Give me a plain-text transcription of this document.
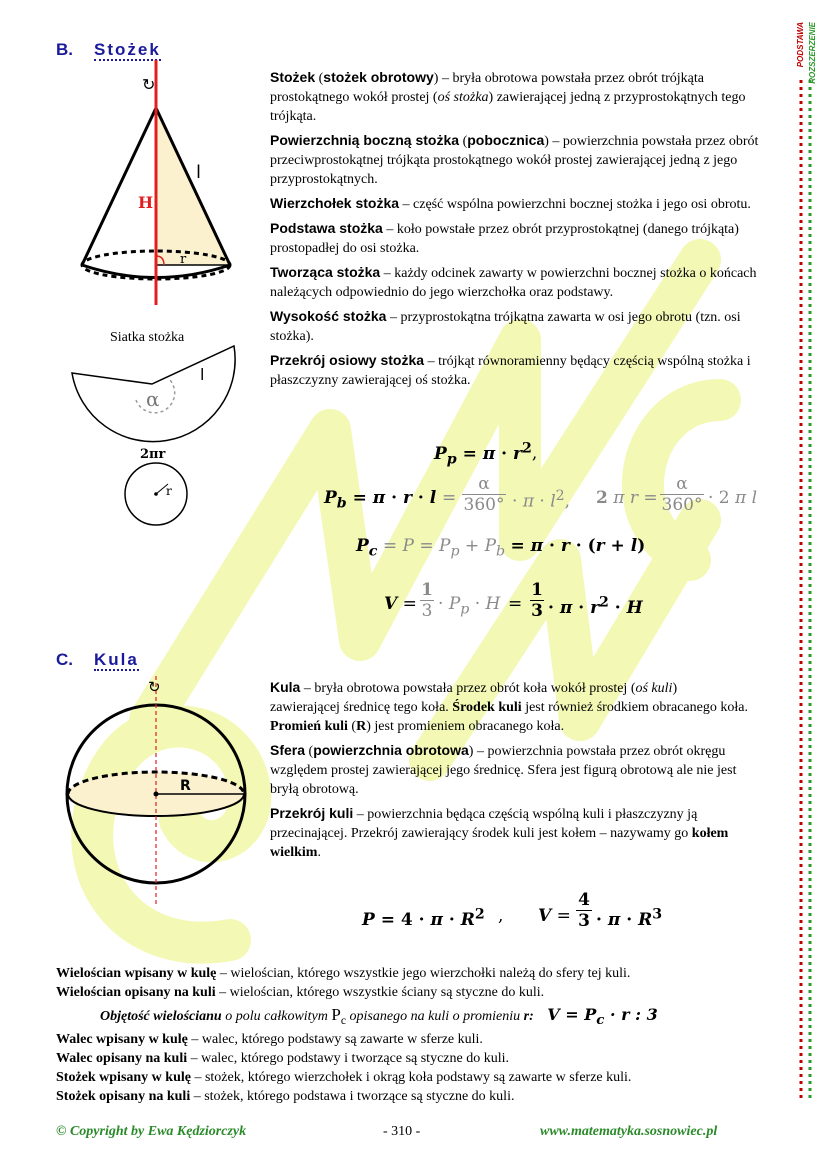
PODSTAWA ROZSZERZENIE
B. Stożek
↻
H
l
r
Siatka stożka
α
l
2πr
r

Stożek (stożek obrotowy) – bryła obrotowa powstała przez obrót trójkąta prostokątnego wokół prostej (oś stożka) zawierającej jedną z przyprostokątnych tego trójkąta.

Powierzchnią boczną stożka (pobocznica) – powierzchnia powstała przez obrót przeciwprostokątnej trójkąta prostokątnego wokół prostej zawierającej jedną z jego przyprostokątnych.

Wierzchołek stożka – część wspólna powierzchni bocznej stożka i jego osi obrotu.

Podstawa stożka – koło powstałe przez obrót przyprostokątnej (danego trójkąta) prostopadłej do osi stożka.

Tworząca stożka – każdy odcinek zawarty w powierzchni bocznej stożka o końcach należących odpowiednio do jego wierzchołka oraz podstawy.

Wysokość stożka – przyprostokątna trójkątna zawarta w osi jego obrotu (tzn. osi stożka).

Przekrój osiowy stożka – trójkąt równoramienny będący częścią wspólną stożka i płaszczyzny zawierającej oś stożka.

$P_p = \pi \cdot r^2$,
$P_b = \pi \cdot r \cdot l$ =
α
$360^\circ \cdot \pi \cdot l^2$, 2 π r =
α
360° · 2 π l
$P_c = P = P_p + P_b = \pi \cdot r \cdot (r + l)$
V =
1
$3 \cdot P_p \cdot H$ =
1
$3 \cdot \pi \cdot r^2 \cdot H$
C. Kula
↻
R

Kula – bryła obrotowa powstała przez obrót koła wokół prostej (oś kuli) zawierającej średnicę tego koła. Środek kuli jest również środkiem obracanego koła. Promień kuli (R) jest promieniem obracanego koła.

Sfera (powierzchnia obrotowa) – powierzchnia powstała przez obrót okręgu względem prostej zawierającej jego średnicę. Sfera jest figurą obrotową ale nie jest bryłą obrotową.

Przekrój kuli – powierzchnia będąca częścią wspólną kuli i płaszczyzny ją przecinającej. Przekrój zawierający środek kuli jest kołem – nazywamy go kołem wielkim.

$P = 4 \cdot \pi \cdot R^2$ , V =
4
$3 \cdot \pi \cdot R^3$
Wielościan wpisany w kulę – wielościan, którego wszystkie jego wierzchołki należą do sfery tej kuli.
Wielościan opisany na kuli – wielościan, którego wszystkie ściany są styczne do kuli.
Objętość wielościanu o polu całkowitym $P_c$ opisanego na kuli o promieniu r: $V = P_c \cdot r$ : 3
Walec wpisany w kulę – walec, którego podstawy są zawarte w sferze kuli.
Walec opisany na kuli – walec, którego podstawy i tworzące są styczne do kuli.
Stożek wpisany w kulę – stożek, którego wierzchołek i okrąg koła podstawy są zawarte w sferze kuli.
Stożek opisany na kuli – stożek, którego podstawa i tworzące są styczne do kuli.
© Copyright by Ewa Kędziorczyk	- 310 -	www.matematyka.sosnowiec.pl
